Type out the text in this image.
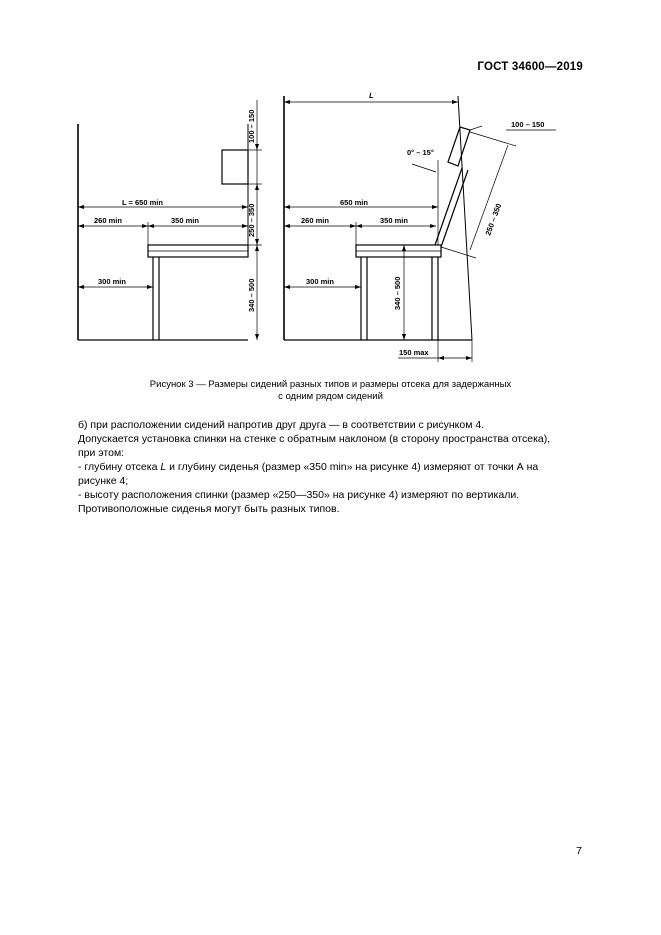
ГОСТ 34600—2019
L = 650 min
260 min	350 min
300 min
100 – 150
250 – 350
340 – 500
L
650 min
260 min	350 min
300 min
100 – 150
0° – 15°
250 – 350
340 – 500
150 max
Рисунок 3 — Размеры сидений разных типов и размеры отсека для задержанных
с одним рядом сидений

б) при расположении сидений напротив друг друга — в соответствии с рисунком 4.

Допускается установка спинки на стенке с обратным наклоном (в сторону пространства отсека),
при этом:

- глубину отсека L и глубину сиденья (размер «350 min» на рисунке 4) измеряют от точки А на
рисунке 4;

- высоту расположения спинки (размер «250—350» на рисунке 4) измеряют по вертикали.

Противоположные сиденья могут быть разных типов.

7
